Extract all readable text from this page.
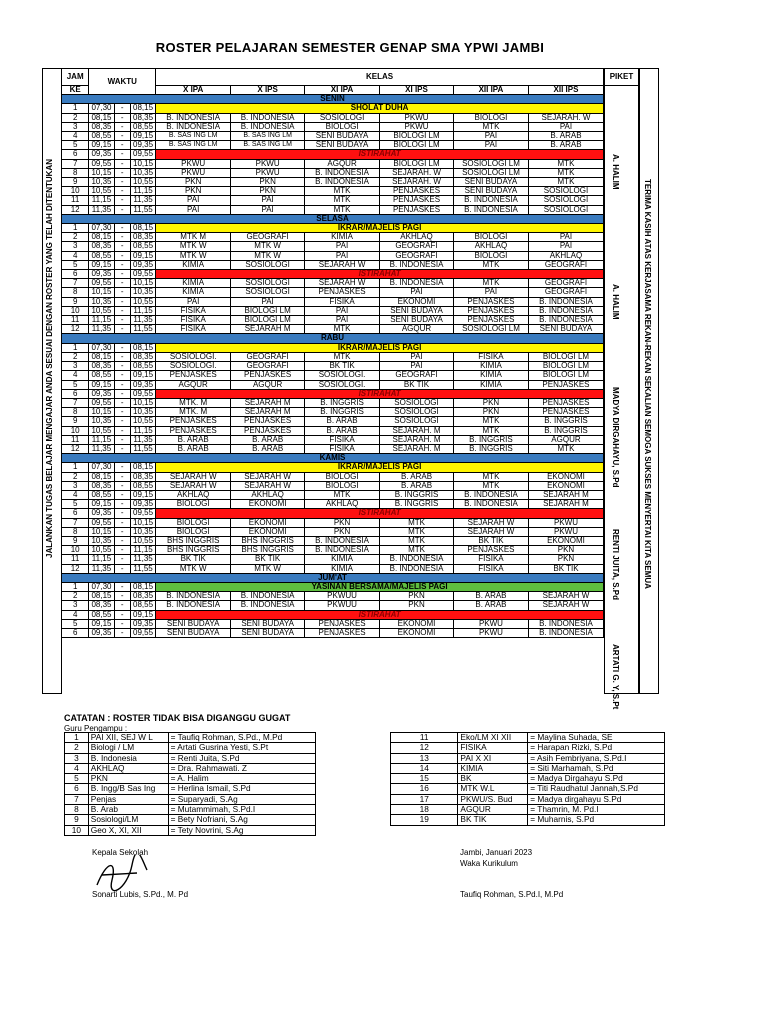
ROSTER PELAJARAN SEMESTER GENAP SMA YPWI JAMBI
JALANKAN TUGAS BELAJAR MENGAJAR ANDA SESUAI DENGAN ROSTER YANG TELAH DITENTUKAN
JAM	WAKTU			KELAS					
KE				X IPA	X IPS	XI IPA	XI IPS	XII IPA	XII IPS
SENIN									
1	07,30	-	08,15	SHOLAT DUHA					
2	08,15	-	08,35	B. INDONESIA	B. INDONESIA	SOSIOLOGI	PKWU	BIOLOGI	SEJARAH. W
3	08,35	-	08,55	B. INDONESIA	B. INDONESIA	BIOLOGI	PKWU	MTK	PAI
4	08,55	-	09,15	B. SAS ING LM	B. SAS ING LM	SENI BUDAYA	BIOLOGI LM	PAI	B. ARAB
5	09,15	-	09,35	B. SAS ING LM	B. SAS ING LM	SENI BUDAYA	BIOLOGI LM	PAI	B. ARAB
6	09,35	-	09,55	ISTIRAHAT					
7	09,55	-	10,15	PKWU	PKWU	AGQUR	BIOLOGI LM	SOSIOLOGI LM	MTK
8	10,15	-	10,35	PKWU	PKWU	B. INDONESIA	SEJARAH. W	SOSIOLOGI LM	MTK
9	10,35	-	10,55	PKN	PKN	B. INDONESIA	SEJARAH. W	SENI BUDAYA	MTK
10	10,55	-	11,15	PKN	PKN	MTK	PENJASKES	SENI BUDAYA	SOSIOLOGI
11	11,15	-	11,35	PAI	PAI	MTK	PENJASKES	B. INDONESIA	SOSIOLOGI
12	11,35	-	11,55	PAI	PAI	MTK	PENJASKES	B. INDONESIA	SOSIOLOGI
SELASA									
1	07,30	-	08,15	IKRAR/MAJELIS PAGI					
2	08,15	-	08,35	MTK M	GEOGRAFI	KIMIA	AKHLAQ	BIOLOGI	PAI
3	08,35	-	08,55	MTK W	MTK W	PAI	GEOGRAFI	AKHLAQ	PAI
4	08,55	-	09,15	MTK W	MTK W	PAI	GEOGRAFI	BIOLOGI	AKHLAQ
5	09,15	-	09,35	KIMIA	SOSIOLOGI	SEJARAH W	B. INDONESIA	MTK	GEOGRAFI
6	09,35	-	09,55	ISTIRAHAT					
7	09,55	-	10,15	KIMIA	SOSIOLOGI	SEJARAH W	B. INDONESIA	MTK	GEOGRAFI
8	10,15	-	10,35	KIMIA	SOSIOLOGI	PENJASKES	PAI	PAI	GEOGRAFI
9	10,35	-	10,55	PAI	PAI	FISIKA	EKONOMI	PENJASKES	B. INDONESIA
10	10,55	-	11,15	FISIKA	BIOLOGI LM	PAI	SENI BUDAYA	PENJASKES	B. INDONESIA
11	11,15	-	11,35	FISIKA	BIOLOGI LM	PAI	SENI BUDAYA	PENJASKES	B. INDONESIA
12	11,35	-	11,55	FISIKA	SEJARAH M	MTK	AGQUR	SOSIOLOGI LM	SENI BUDAYA
RABU									
1	07,30	-	08,15	IKRAR/MAJELIS PAGI					
2	08,15	-	08,35	SOSIOLOGI.	GEOGRAFI	MTK	PAI	FISIKA	BIOLOGI LM
3	08,35	-	08,55	SOSIOLOGI.	GEOGRAFI	BK TIK	PAI	KIMIA	BIOLOGI LM
4	08,55	-	09,15	PENJASKES	PENJASKES	SOSIOLOGI.	GEOGRAFI	KIMIA	BIOLOGI LM
5	09,15	-	09,35	AGQUR	AGQUR	SOSIOLOGI.	BK TIK	KIMIA	PENJASKES
6	09,35	-	09,55	ISTIRAHAT					
7	09,55	-	10,15	MTK. M	SEJARAH M	B. INGGRIS	SOSIOLOGI	PKN	PENJASKES
8	10,15	-	10,35	MTK. M	SEJARAH M	B. INGGRIS	SOSIOLOGI	PKN	PENJASKES
9	10,35	-	10,55	PENJASKES	PENJASKES	B. ARAB	SOSIOLOGI	MTK	B. INGGRIS
10	10,55	-	11,15	PENJASKES	PENJASKES	B. ARAB	SEJARAH. M	MTK	B. INGGRIS
11	11,15	-	11,35	B. ARAB	B. ARAB	FISIKA	SEJARAH. M	B. INGGRIS	AGQUR
12	11,35	-	11,55	B. ARAB	B. ARAB	FISIKA	SEJARAH. M	B. INGGRIS	MTK
KAMIS									
1	07,30	-	08,15	IKRAR/MAJELIS PAGI					
2	08,15	-	08,35	SEJARAH W	SEJARAH W	BIOLOGI	B. ARAB	MTK	EKONOMI
3	08,35	-	08,55	SEJARAH W	SEJARAH W	BIOLOGI	B. ARAB	MTK	EKONOMI
4	08,55	-	09,15	AKHLAQ	AKHLAQ	MTK	B. INGGRIS	B. INDONESIA	SEJARAH M
5	09,15	-	09,35	BIOLOGI	EKONOMI	AKHLAQ	B. INGGRIS	B. INDONESIA	SEJARAH M
6	09,35	-	09,55	ISTIRAHAT					
7	09,55	-	10,15	BIOLOGI	EKONOMI	PKN	MTK	SEJARAH W	PKWU
8	10,15	-	10,35	BIOLOGI	EKONOMI	PKN	MTK	SEJARAH W	PKWU
9	10,35	-	10,55	BHS INGGRIS	BHS INGGRIS	B. INDONESIA	MTK	BK TIK	EKONOMI
10	10,55	-	11,15	BHS INGGRIS	BHS INGGRIS	B. INDONESIA	MTK	PENJASKES	PKN
11	11,15	-	11,35	BK TIK	BK TIK	KIMIA	B. INDONESIA	FISIKA	PKN
12	11,35	-	11,55	MTK W	MTK W	KIMIA	B. INDONESIA	FISIKA	BK TIK
JUM'AT									
1	07,30	-	08,15	YASINAN BERSAMA/MAJELIS PAGI					
2	08,15	-	08,35	B. INDONESIA	B. INDONESIA	PKWUU	PKN	B. ARAB	SEJARAH W
3	08,35	-	08,55	B. INDONESIA	B. INDONESIA	PKWUU	PKN	B. ARAB	SEJARAH W
4	08,55	-	09,15	ISTIRAHAT					
5	09,15	-	09,35	SENI BUDAYA	SENI BUDAYA	PENJASKES	EKONOMI	PKWU	B. INDONESIA
6	09,35	-	09,55	SENI BUDAYA	SENI BUDAYA	PENJASKES	EKONOMI	PKWU	B. INDONESIA
PIKET
A. HALIM
A. HALIM
MADYA DIRGAHAYU, S.Pd
RENTI JUITA, S.Pd
ARTATI G. Y, S.Pt
TERIMA KASIH ATAS KERJASAMA REKAN-REKAN SEKALIAN SEMOGA SUKSES MENYERTAI KITA SEMUA
CATATAN : ROSTER TIDAK BISA DIGANGGU GUGAT
Guru Pengampu :
1	PAI XII, SEJ W L	= Taufiq Rohman, S.Pd., M.Pd
2	Biologi / LM	= Artati Gusrina Yesti, S.Pt
3	B. Indonesia	= Renti Juita, S.Pd
4	AKHLAQ	= Dra. Rahmawati. Z
5	PKN	= A. Halim
6	B. Ingg/B Sas Ing	= Herlina Ismail, S.Pd
7	Penjas	= Suparyadi, S.Ag
8	B. Arab	= Mutammimah, S.Pd.I
9	Sosiologi/LM	= Bety Nofriani, S.Ag
10	Geo X, XI, XII	= Tety Novrini, S.Ag
11	Eko/LM XI XII	= Maylina Suhada, SE
12	FISIKA	= Harapan Rizki, S.Pd
13	PAI X XI	= Asih Fembriyana, S.Pd.I
14	KIMIA	= Siti Marhamah, S.Pd
15	BK	= Madya Dirgahayu S.Pd
16	MTK W.L	= Titi Raudhatul Jannah,S.Pd
17	PKWU/S. Bud	= Madya dirgahayu S.Pd
18	AGQUR	= Thamrin, M. Pd.I
19	BK TIK	= Muharnis, S.Pd
Kepala Sekolah
Sonarti Lubis, S.Pd., M. Pd
Jambi, Januari 2023
Waka Kurikulum
Taufiq Rohman, S.Pd.I, M.Pd
